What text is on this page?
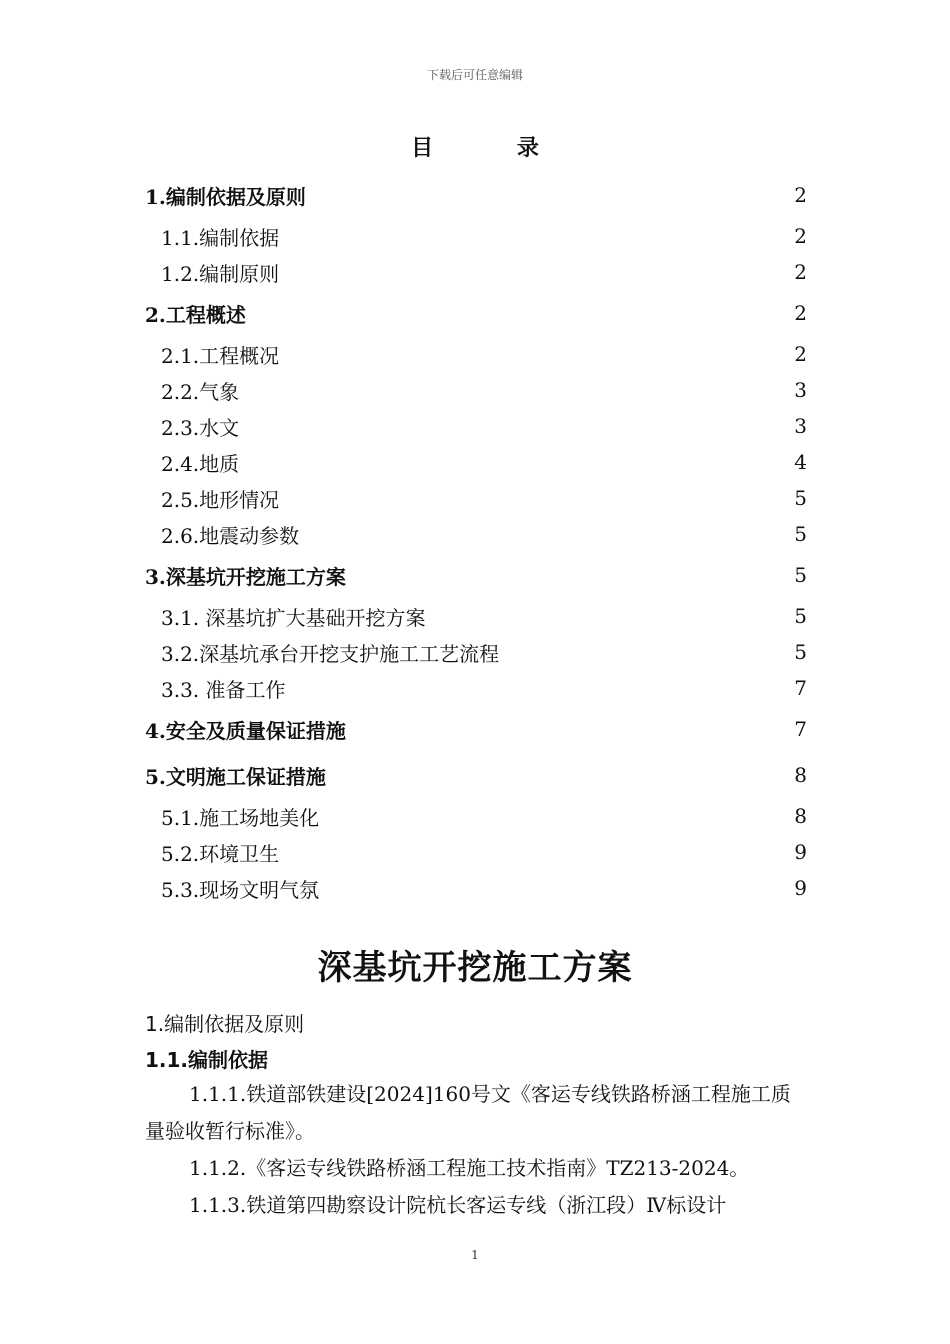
下载后可任意编辑
目 录
1.编制依据及原则	2
1.1.编制依据	2
1.2.编制原则	2
2.工程概述	2
2.1.工程概况	2
2.2.气象	3
2.3.水文	3
2.4.地质	4
2.5.地形情况	5
2.6.地震动参数	5
3.深基坑开挖施工方案	5
3.1. 深基坑扩大基础开挖方案	5
3.2.深基坑承台开挖支护施工工艺流程	5
3.3. 准备工作	7
4.安全及质量保证措施	7
5.文明施工保证措施	8
5.1.施工场地美化	8
5.2.环境卫生	9
5.3.现场文明气氛	9
深基坑开挖施工方案
1.编制依据及原则
1.1.编制依据
1.1.1.铁道部铁建设[2024]160号文《客运专线铁路桥涵工程施工质量验收暂行标准》。
1.1.2.《客运专线铁路桥涵工程施工技术指南》TZ213-2024。
1.1.3.铁道第四勘察设计院杭长客运专线（浙江段）Ⅳ标设计
1
